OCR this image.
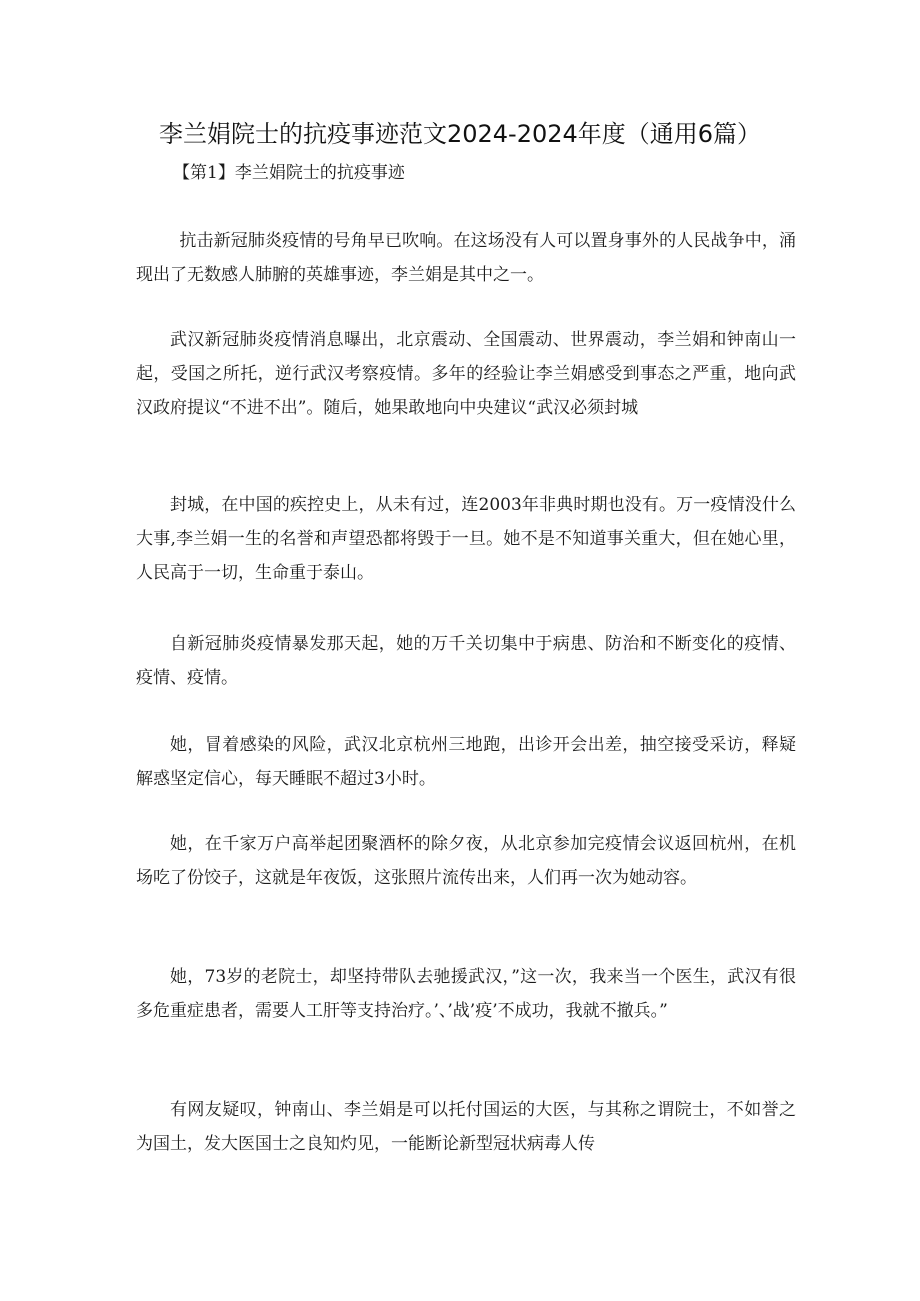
李兰娟院士的抗疫事迹范文2024-2024年度（通用6篇）

【第1】李兰娟院士的抗疫事迹

抗击新冠肺炎疫情的号角早已吹响。在这场没有人可以置身事外的人民战争中，涌现出了无数感人肺腑的英雄事迹，李兰娟是其中之一。

武汉新冠肺炎疫情消息曝出，北京震动、全国震动、世界震动，李兰娟和钟南山一起，受国之所托，逆行武汉考察疫情。多年的经验让李兰娟感受到事态之严重，地向武汉政府提议“不进不出”。随后，她果敢地向中央建议“武汉必须封城

封城，在中国的疾控史上，从未有过，连2003年非典时期也没有。万一疫情没什么大事,李兰娟一生的名誉和声望恐都将毁于一旦。她不是不知道事关重大，但在她心里，人民高于一切，生命重于泰山。

自新冠肺炎疫情暴发那天起，她的万千关切集中于病患、防治和不断变化的疫情、疫情、疫情。

她，冒着感染的风险，武汉北京杭州三地跑，出诊开会出差，抽空接受采访，释疑解惑坚定信心，每天睡眠不超过3小时。

她，在千家万户高举起团聚酒杯的除夕夜，从北京参加完疫情会议返回杭州，在机场吃了份饺子，这就是年夜饭，这张照片流传出来，人们再一次为她动容。

她，73岁的老院士，却坚持带队去驰援武汉，”这一次，我来当一个医生，武汉有很多危重症患者，需要人工肝等支持治疗。’、’战’疫’不成功，我就不撤兵。”

有网友疑叹，钟南山、李兰娟是可以托付国运的大医，与其称之谓院士，不如誉之为国土，发大医国士之良知灼见，一能断论新型冠状病毒人传
